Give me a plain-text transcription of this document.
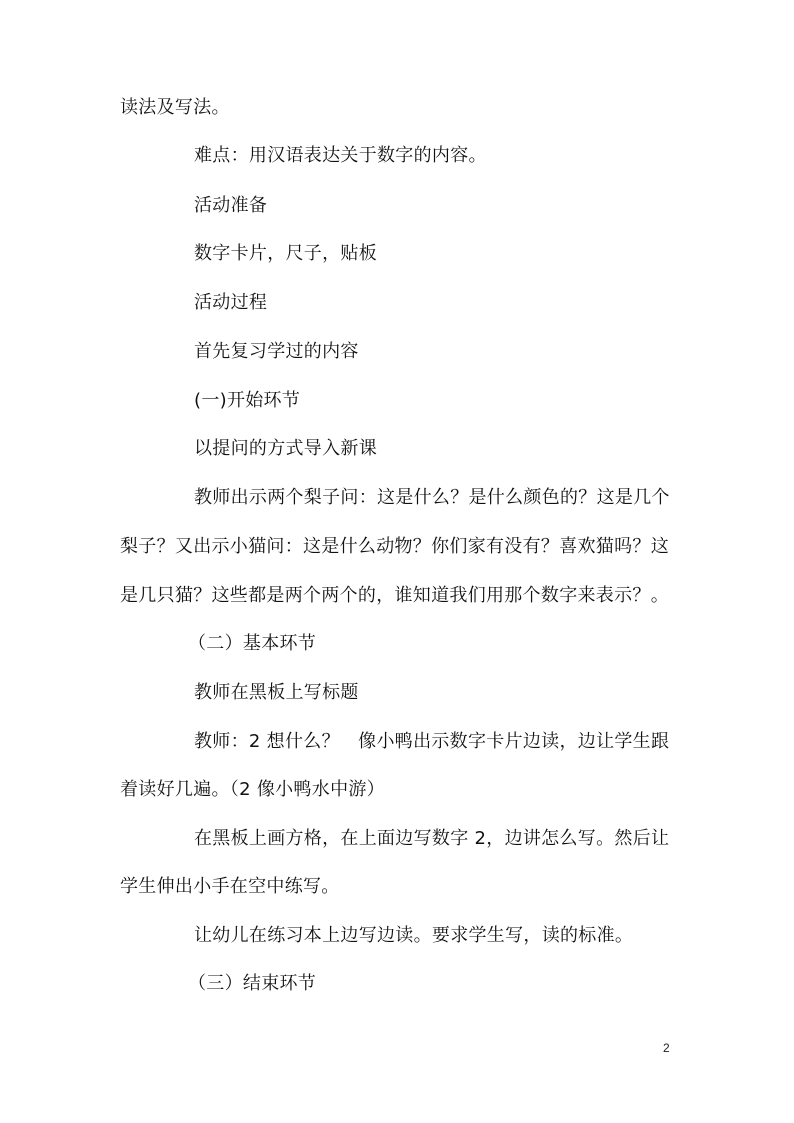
读法及写法。
难点：用汉语表达关于数字的内容。
活动准备
数字卡片，尺子，贴板
活动过程
首先复习学过的内容
(一)开始环节
以提问的方式导入新课
教师出示两个梨子问：这是什么？是什么颜色的？这是几个
梨子？又出示小猫问：这是什么动物？你们家有没有？喜欢猫吗？这
是几只猫？这些都是两个两个的，谁知道我们用那个数字来表示？。
（二）基本环节
教师在黑板上写标题
教师：2 想什么？　像小鸭出示数字卡片边读，边让学生跟
着读好几遍。（2 像小鸭水中游）
在黑板上画方格，在上面边写数字 2，边讲怎么写。然后让
学生伸出小手在空中练写。
让幼儿在练习本上边写边读。要求学生写，读的标准。
（三）结束环节
2
